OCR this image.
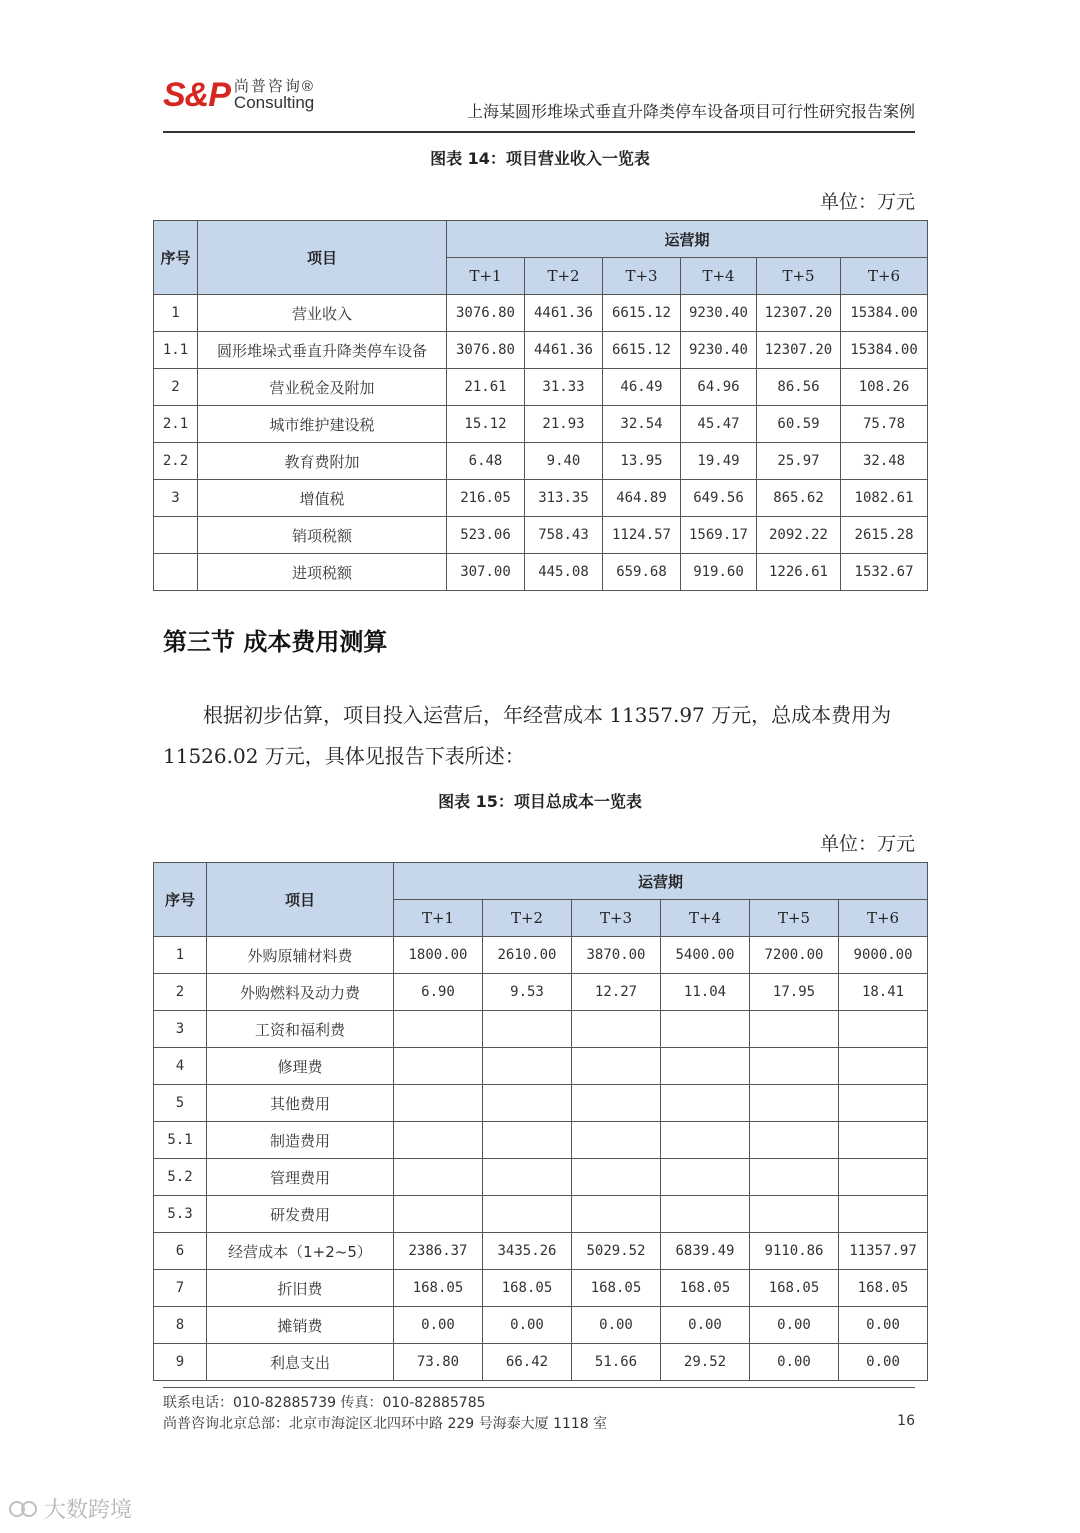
S&P 尚普咨询®
Consulting	上海某圆形堆垛式垂直升降类停车设备项目可行性研究报告案例
图表 14：项目营业收入一览表
单位：万元
序号	项目	运营期					
		T+1	T+2	T+3	T+4	T+5	T+6
1	营业收入	3076.80	4461.36	6615.12	9230.40	12307.20	15384.00
1.1	圆形堆垛式垂直升降类停车设备	3076.80	4461.36	6615.12	9230.40	12307.20	15384.00
2	营业税金及附加	21.61	31.33	46.49	64.96	86.56	108.26
2.1	城市维护建设税	15.12	21.93	32.54	45.47	60.59	75.78
2.2	教育费附加	6.48	9.40	13.95	19.49	25.97	32.48
3	增值税	216.05	313.35	464.89	649.56	865.62	1082.61
	销项税额	523.06	758.43	1124.57	1569.17	2092.22	2615.28
	进项税额	307.00	445.08	659.68	919.60	1226.61	1532.67
第三节 成本费用测算
根据初步估算，项目投入运营后，年经营成本 11357.97 万元，总成本费用为 11526.02 万元，具体见报告下表所述：
图表 15：项目总成本一览表
单位：万元
序号	项目	运营期					
		T+1	T+2	T+3	T+4	T+5	T+6
1	外购原辅材料费	1800.00	2610.00	3870.00	5400.00	7200.00	9000.00
2	外购燃料及动力费	6.90	9.53	12.27	11.04	17.95	18.41
3	工资和福利费						
4	修理费						
5	其他费用						
5.1	制造费用						
5.2	管理费用						
5.3	研发费用						
6	经营成本（1+2~5）	2386.37	3435.26	5029.52	6839.49	9110.86	11357.97
7	折旧费	168.05	168.05	168.05	168.05	168.05	168.05
8	摊销费	0.00	0.00	0.00	0.00	0.00	0.00
9	利息支出	73.80	66.42	51.66	29.52	0.00	0.00
联系电话：010-82885739 传真：010-82885785
尚普咨询北京总部：北京市海淀区北四环中路 229 号海泰大厦 1118 室	16
大数跨境
